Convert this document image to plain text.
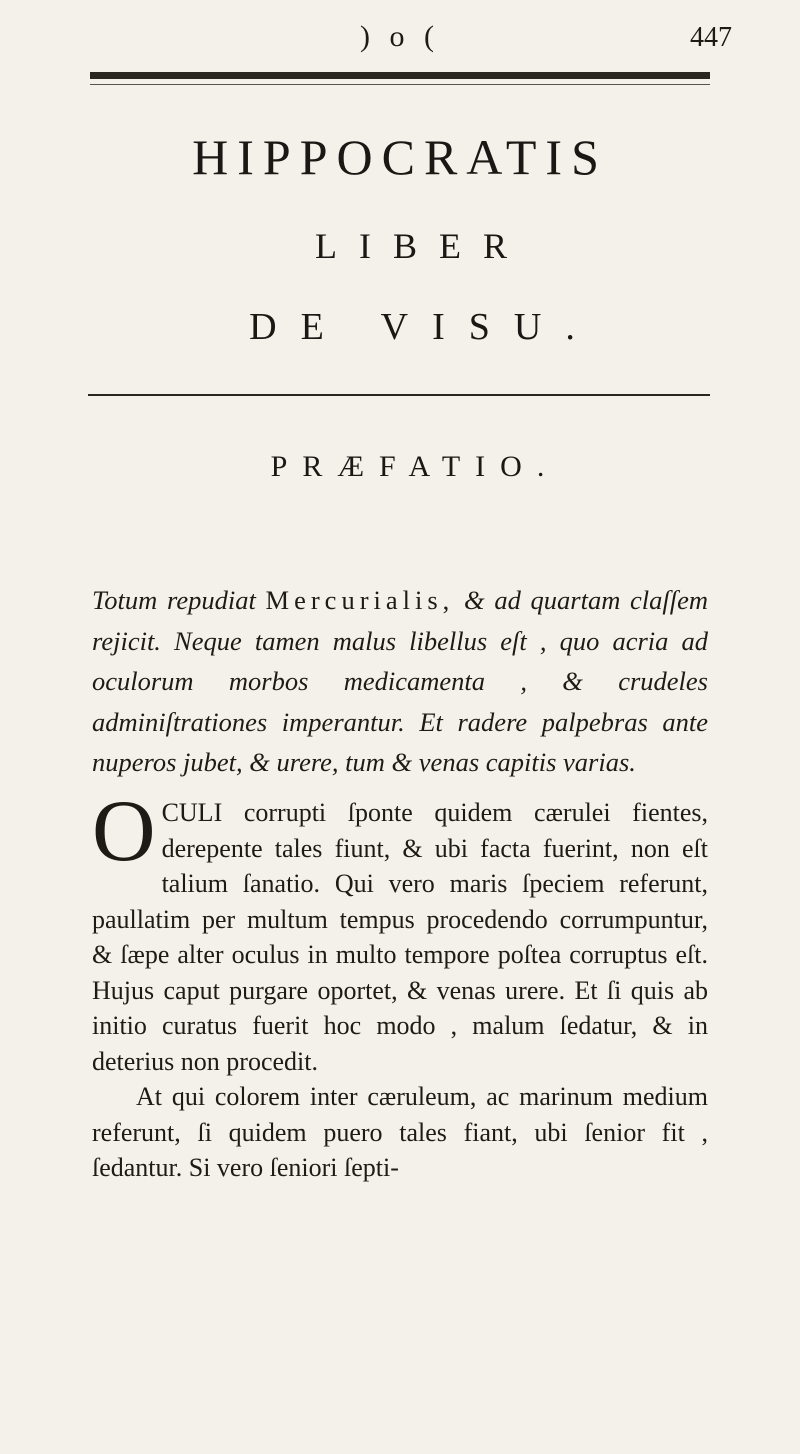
) o (	447
HIPPOCRATIS
LIBER
DE VISU.
PRÆFATIO.
Totum repudiat Mercurialis, & ad quartam claſſem rejicit. Neque tamen malus libellus eſt , quo acria ad oculorum morbos medicamenta , & crudeles adminiſtrationes imperantur. Et radere palpebras ante nuperos jubet, & urere, tum & venas capitis varias.

OCULI corrupti ſponte quidem cærulei fientes, derepente tales fiunt, & ubi facta fuerint, non eſt talium ſanatio. Qui vero maris ſpeciem referunt, paullatim per multum tempus procedendo corrumpuntur, & ſæpe alter oculus in multo tempore poſtea corruptus eſt. Hujus caput purgare oportet, & venas urere. Et ſi quis ab initio curatus fuerit hoc modo , malum ſedatur, & in deterius non procedit.

At qui colorem inter cæruleum, ac marinum medium referunt, ſi quidem puero tales fiant, ubi ſenior fit , ſedantur. Si vero ſeniori ſepti-
